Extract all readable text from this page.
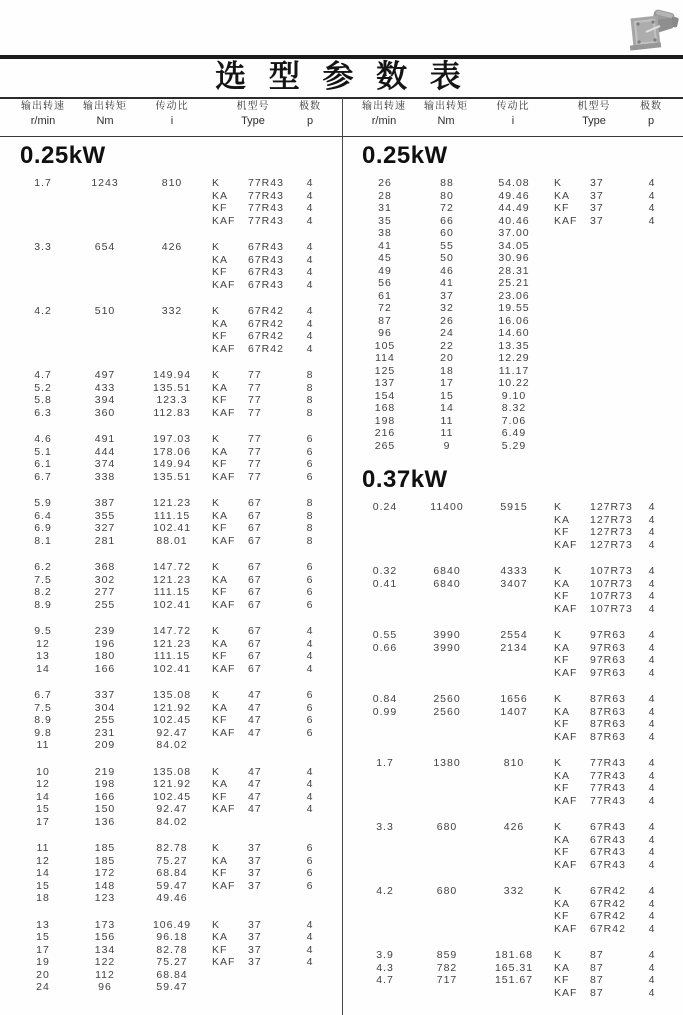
选 型 参 数 表
输出转速
r/min
输出转矩
Nm
传动比
i
机型号
Type
极数
p
输出转速
r/min
输出转矩
Nm
传动比
i
机型号
Type
极数
p
0.25kW
1.7	1243	810	K	77R43	4
KA	77R43	4
KF	77R43	4
KAF	77R43	4
3.3	654	426	K	67R43	4
KA	67R43	4
KF	67R43	4
KAF	67R43	4
4.2	510	332	K	67R42	4
KA	67R42	4
KF	67R42	4
KAF	67R42	4
4.7	497	149.94	K	77	8
5.2	433	135.51	KA	77	8
5.8	394	123.3	KF	77	8
6.3	360	112.83	KAF	77	8
4.6	491	197.03	K	77	6
5.1	444	178.06	KA	77	6
6.1	374	149.94	KF	77	6
6.7	338	135.51	KAF	77	6
5.9	387	121.23	K	67	8
6.4	355	111.15	KA	67	8
6.9	327	102.41	KF	67	8
8.1	281	88.01	KAF	67	8
6.2	368	147.72	K	67	6
7.5	302	121.23	KA	67	6
8.2	277	111.15	KF	67	6
8.9	255	102.41	KAF	67	6
9.5	239	147.72	K	67	4
12	196	121.23	KA	67	4
13	180	111.15	KF	67	4
14	166	102.41	KAF	67	4
6.7	337	135.08	K	47	6
7.5	304	121.92	KA	47	6
8.9	255	102.45	KF	47	6
9.8	231	92.47	KAF	47	6
11	209	84.02
10	219	135.08	K	47	4
12	198	121.92	KA	47	4
14	166	102.45	KF	47	4
15	150	92.47	KAF	47	4
17	136	84.02
11	185	82.78	K	37	6
12	185	75.27	KA	37	6
14	172	68.84	KF	37	6
15	148	59.47	KAF	37	6
18	123	49.46
13	173	106.49	K	37	4
15	156	96.18	KA	37	4
17	134	82.78	KF	37	4
19	122	75.27	KAF	37	4
20	112	68.84
24	96	59.47
0.25kW
26	88	54.08	K	37	4
28	80	49.46	KA	37	4
31	72	44.49	KF	37	4
35	66	40.46	KAF	37	4
38	60	37.00
41	55	34.05
45	50	30.96
49	46	28.31
56	41	25.21
61	37	23.06
72	32	19.55
87	26	16.06
96	24	14.60
105	22	13.35
114	20	12.29
125	18	11.17
137	17	10.22
154	15	9.10
168	14	8.32
198	11	7.06
216	11	6.49
265	9	5.29
0.37kW
0.24	11400	5915	K	127R73	4
KA	127R73	4
KF	127R73	4
KAF	127R73	4
0.32	6840	4333	K	107R73	4
0.41	6840	3407	KA	107R73	4
KF	107R73	4
KAF	107R73	4
0.55	3990	2554	K	97R63	4
0.66	3990	2134	KA	97R63	4
KF	97R63	4
KAF	97R63	4
0.84	2560	1656	K	87R63	4
0.99	2560	1407	KA	87R63	4
KF	87R63	4
KAF	87R63	4
1.7	1380	810	K	77R43	4
KA	77R43	4
KF	77R43	4
KAF	77R43	4
3.3	680	426	K	67R43	4
KA	67R43	4
KF	67R43	4
KAF	67R43	4
4.2	680	332	K	67R42	4
KA	67R42	4
KF	67R42	4
KAF	67R42	4
3.9	859	181.68	K	87	4
4.3	782	165.31	KA	87	4
4.7	717	151.67	KF	87	4
KAF	87	4
